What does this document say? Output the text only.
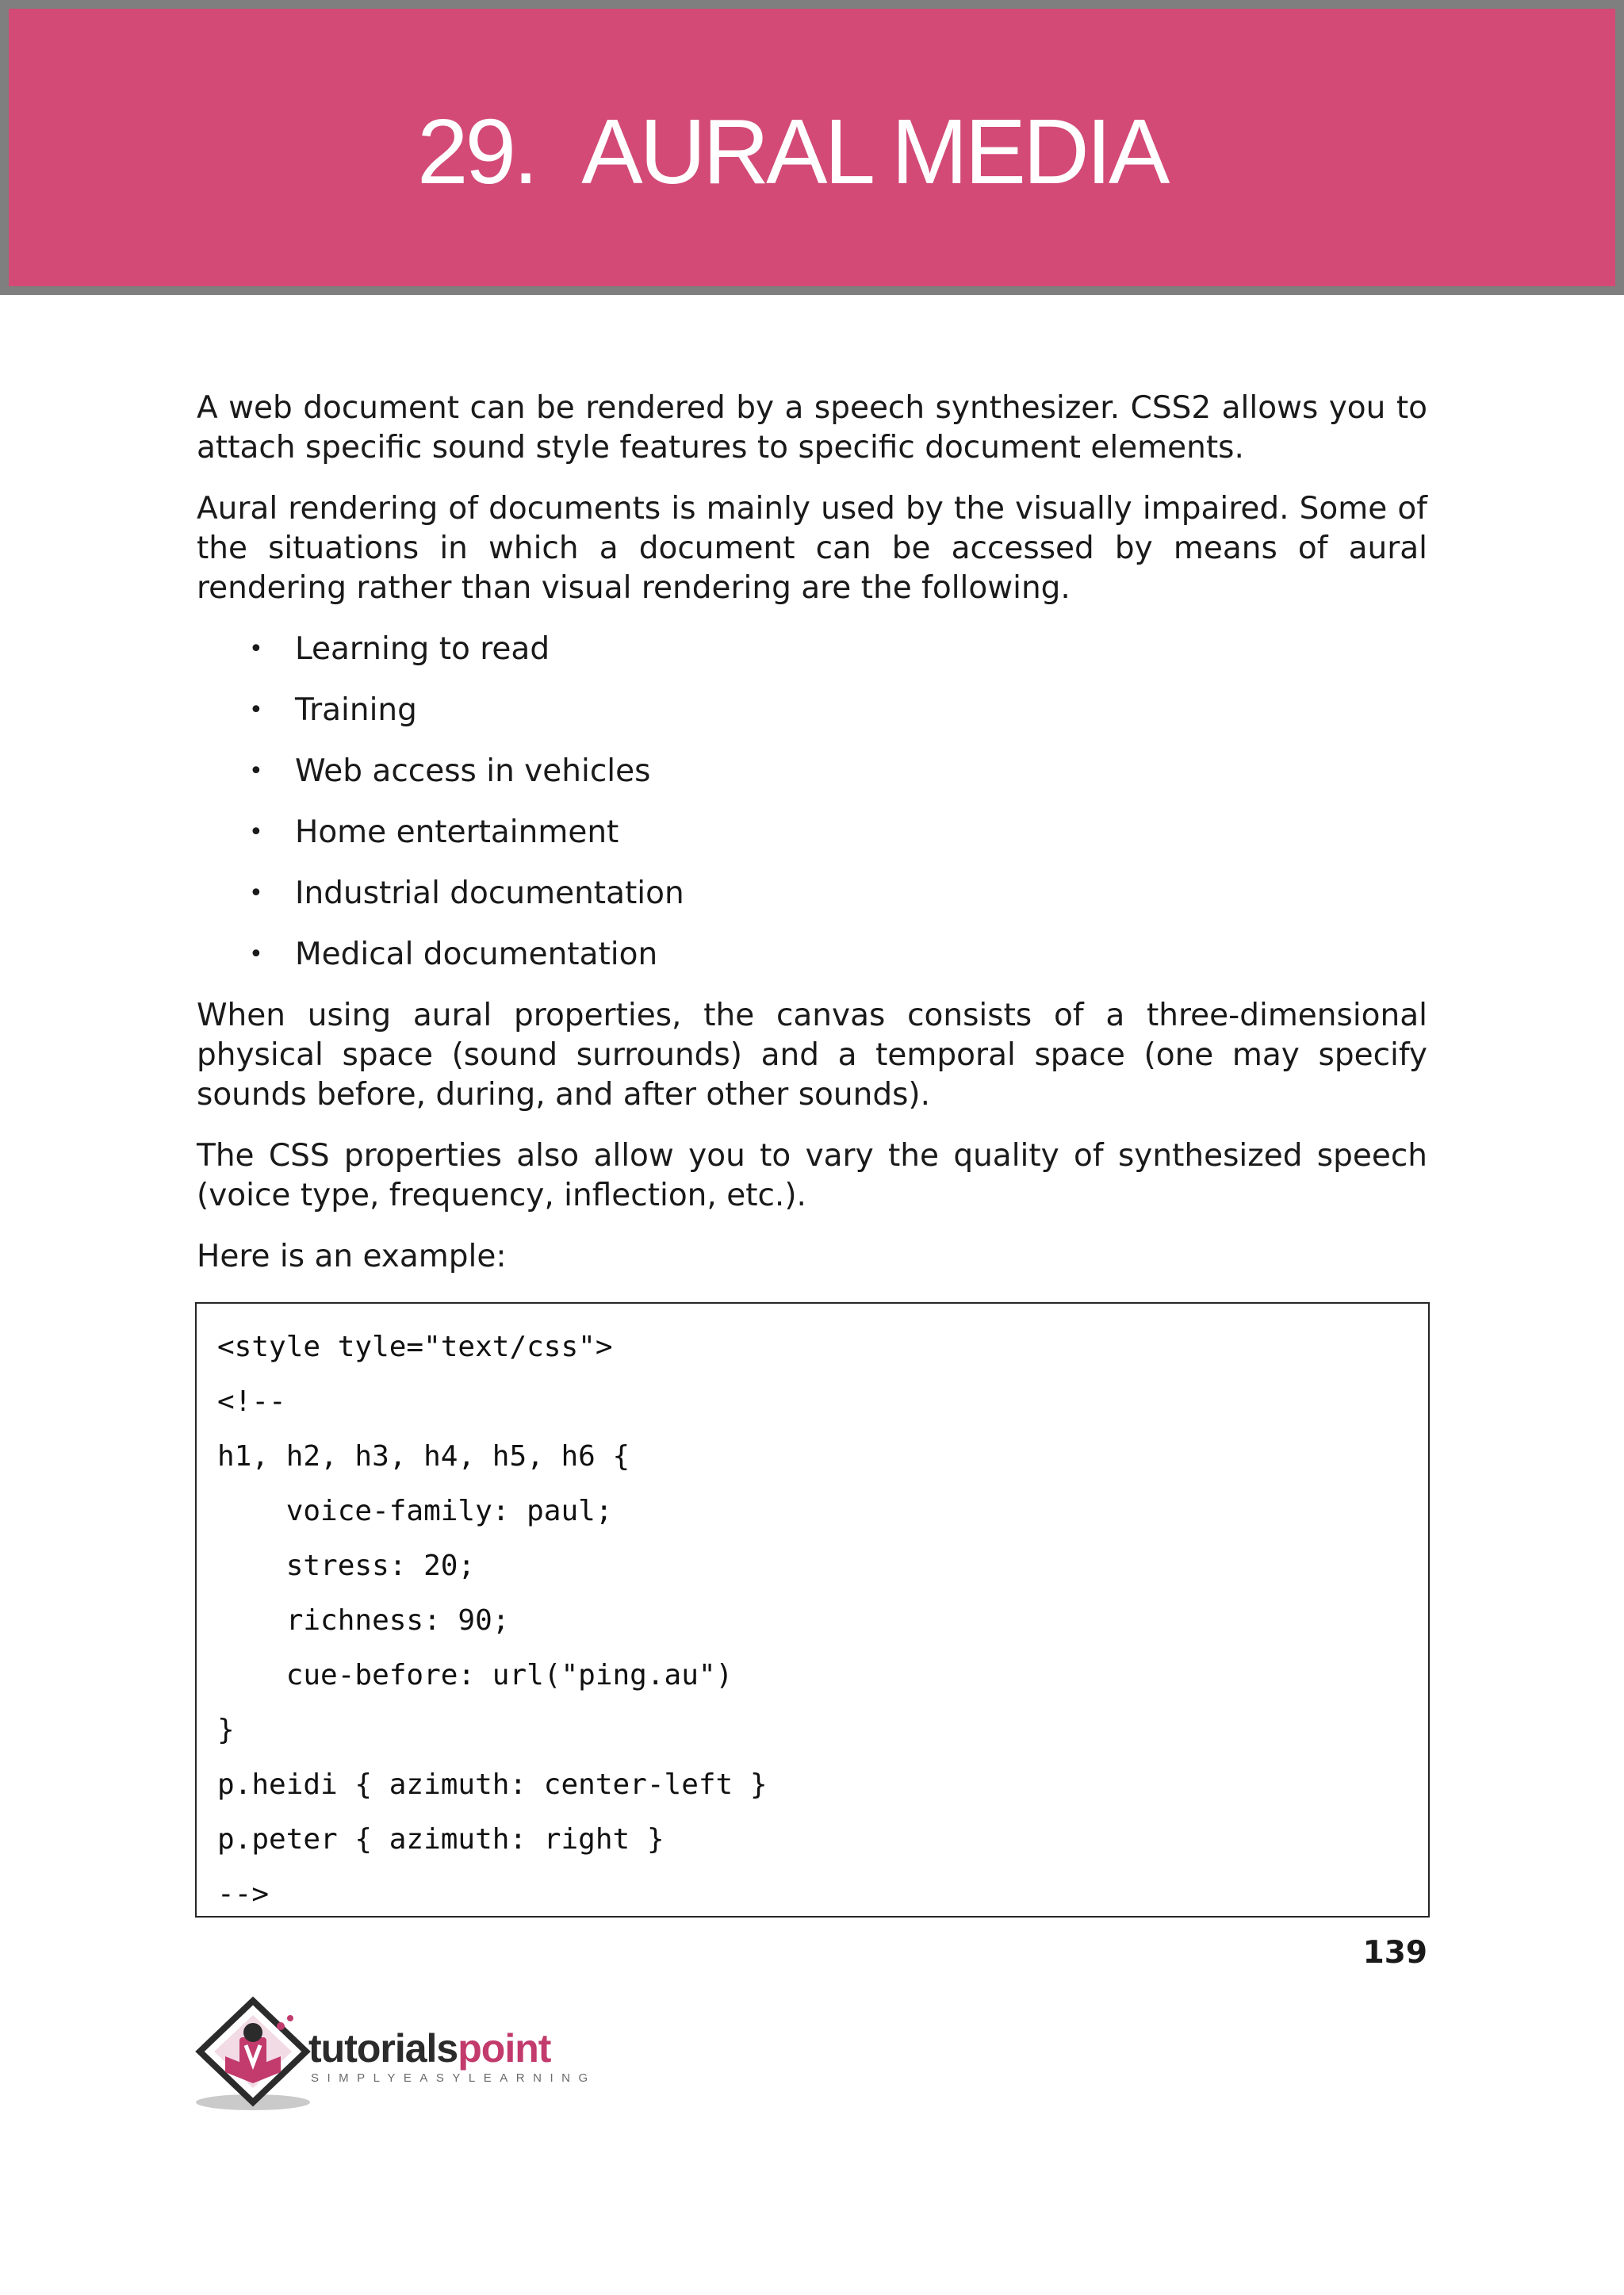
29. AURAL MEDIA

A web document can be rendered by a speech synthesizer. CSS2 allows you to attach specific sound style features to specific document elements.

Aural rendering of documents is mainly used by the visually impaired. Some of the situations in which a document can be accessed by means of aural rendering rather than visual rendering are the following.

• Learning to read
• Training
• Web access in vehicles
• Home entertainment
• Industrial documentation
• Medical documentation

When using aural properties, the canvas consists of a three-dimensional physical space (sound surrounds) and a temporal space (one may specify sounds before, during, and after other sounds).

The CSS properties also allow you to vary the quality of synthesized speech (voice type, frequency, inflection, etc.).

Here is an example:

<style tyle="text/css">
<!--
h1, h2, h3, h4, h5, h6 {
voice-family: paul;
stress: 20;
richness: 90;
cue-before: url("ping.au")
}
p.heidi { azimuth: center-left }
p.peter { azimuth: right }
-->
139
tutorialspoint
SIMPLYEASYLEARNING
